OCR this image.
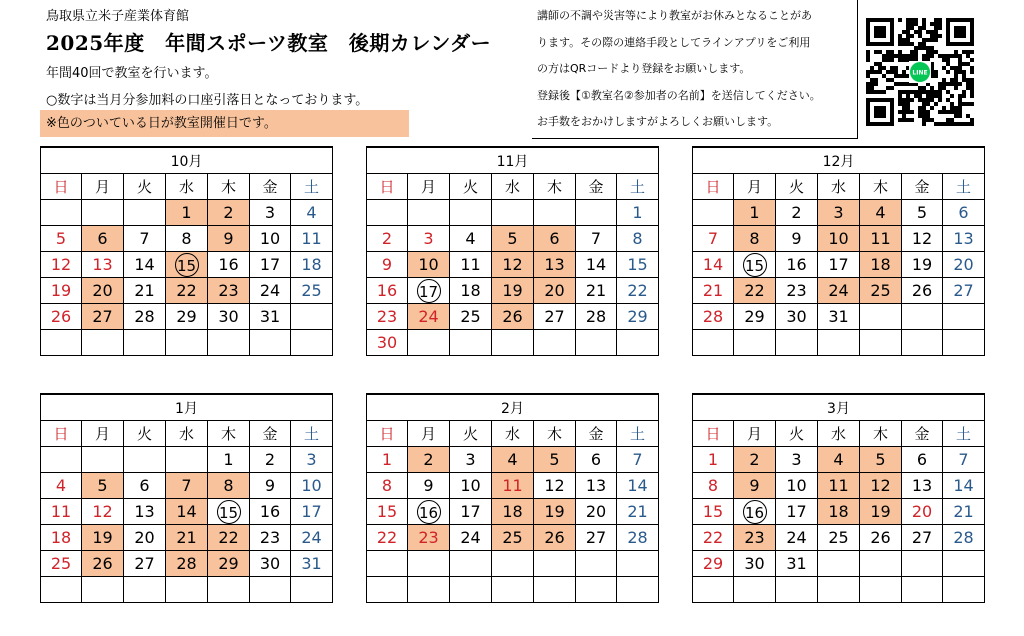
鳥取県立米子産業体育館
2025年度　年間スポーツ教室　後期カレンダー
年間40回で教室を行います。
○数字は当月分参加料の口座引落日となっております。
※色のついている日が教室開催日です。
講師の不調や災害等により教室がお休みとなることがあ
ります。その際の連絡手段としてラインアプリをご利用
の方はQRコードより登録をお願いします。
登録後【①教室名②参加者の名前】を送信してください。
お手数をおかけしますがよろしくお願いします。
LINE
10月						
日	月	火	水	木	金	土
			1	2	3	4
5	6	7	8	9	10	11
12	13	14	15	16	17	18
19	20	21	22	23	24	25
26	27	28	29	30	31	

11月						
日	月	火	水	木	金	土
						1
2	3	4	5	6	7	8
9	10	11	12	13	14	15
16	17	18	19	20	21	22
23	24	25	26	27	28	29
30						
12月						
日	月	火	水	木	金	土
	1	2	3	4	5	6
7	8	9	10	11	12	13
14	15	16	17	18	19	20
21	22	23	24	25	26	27
28	29	30	31			

1月						
日	月	火	水	木	金	土
				1	2	3
4	5	6	7	8	9	10
11	12	13	14	15	16	17
18	19	20	21	22	23	24
25	26	27	28	29	30	31

2月						
日	月	火	水	木	金	土
1	2	3	4	5	6	7
8	9	10	11	12	13	14
15	16	17	18	19	20	21
22	23	24	25	26	27	28

3月						
日	月	火	水	木	金	土
1	2	3	4	5	6	7
8	9	10	11	12	13	14
15	16	17	18	19	20	21
22	23	24	25	26	27	28
29	30	31				
